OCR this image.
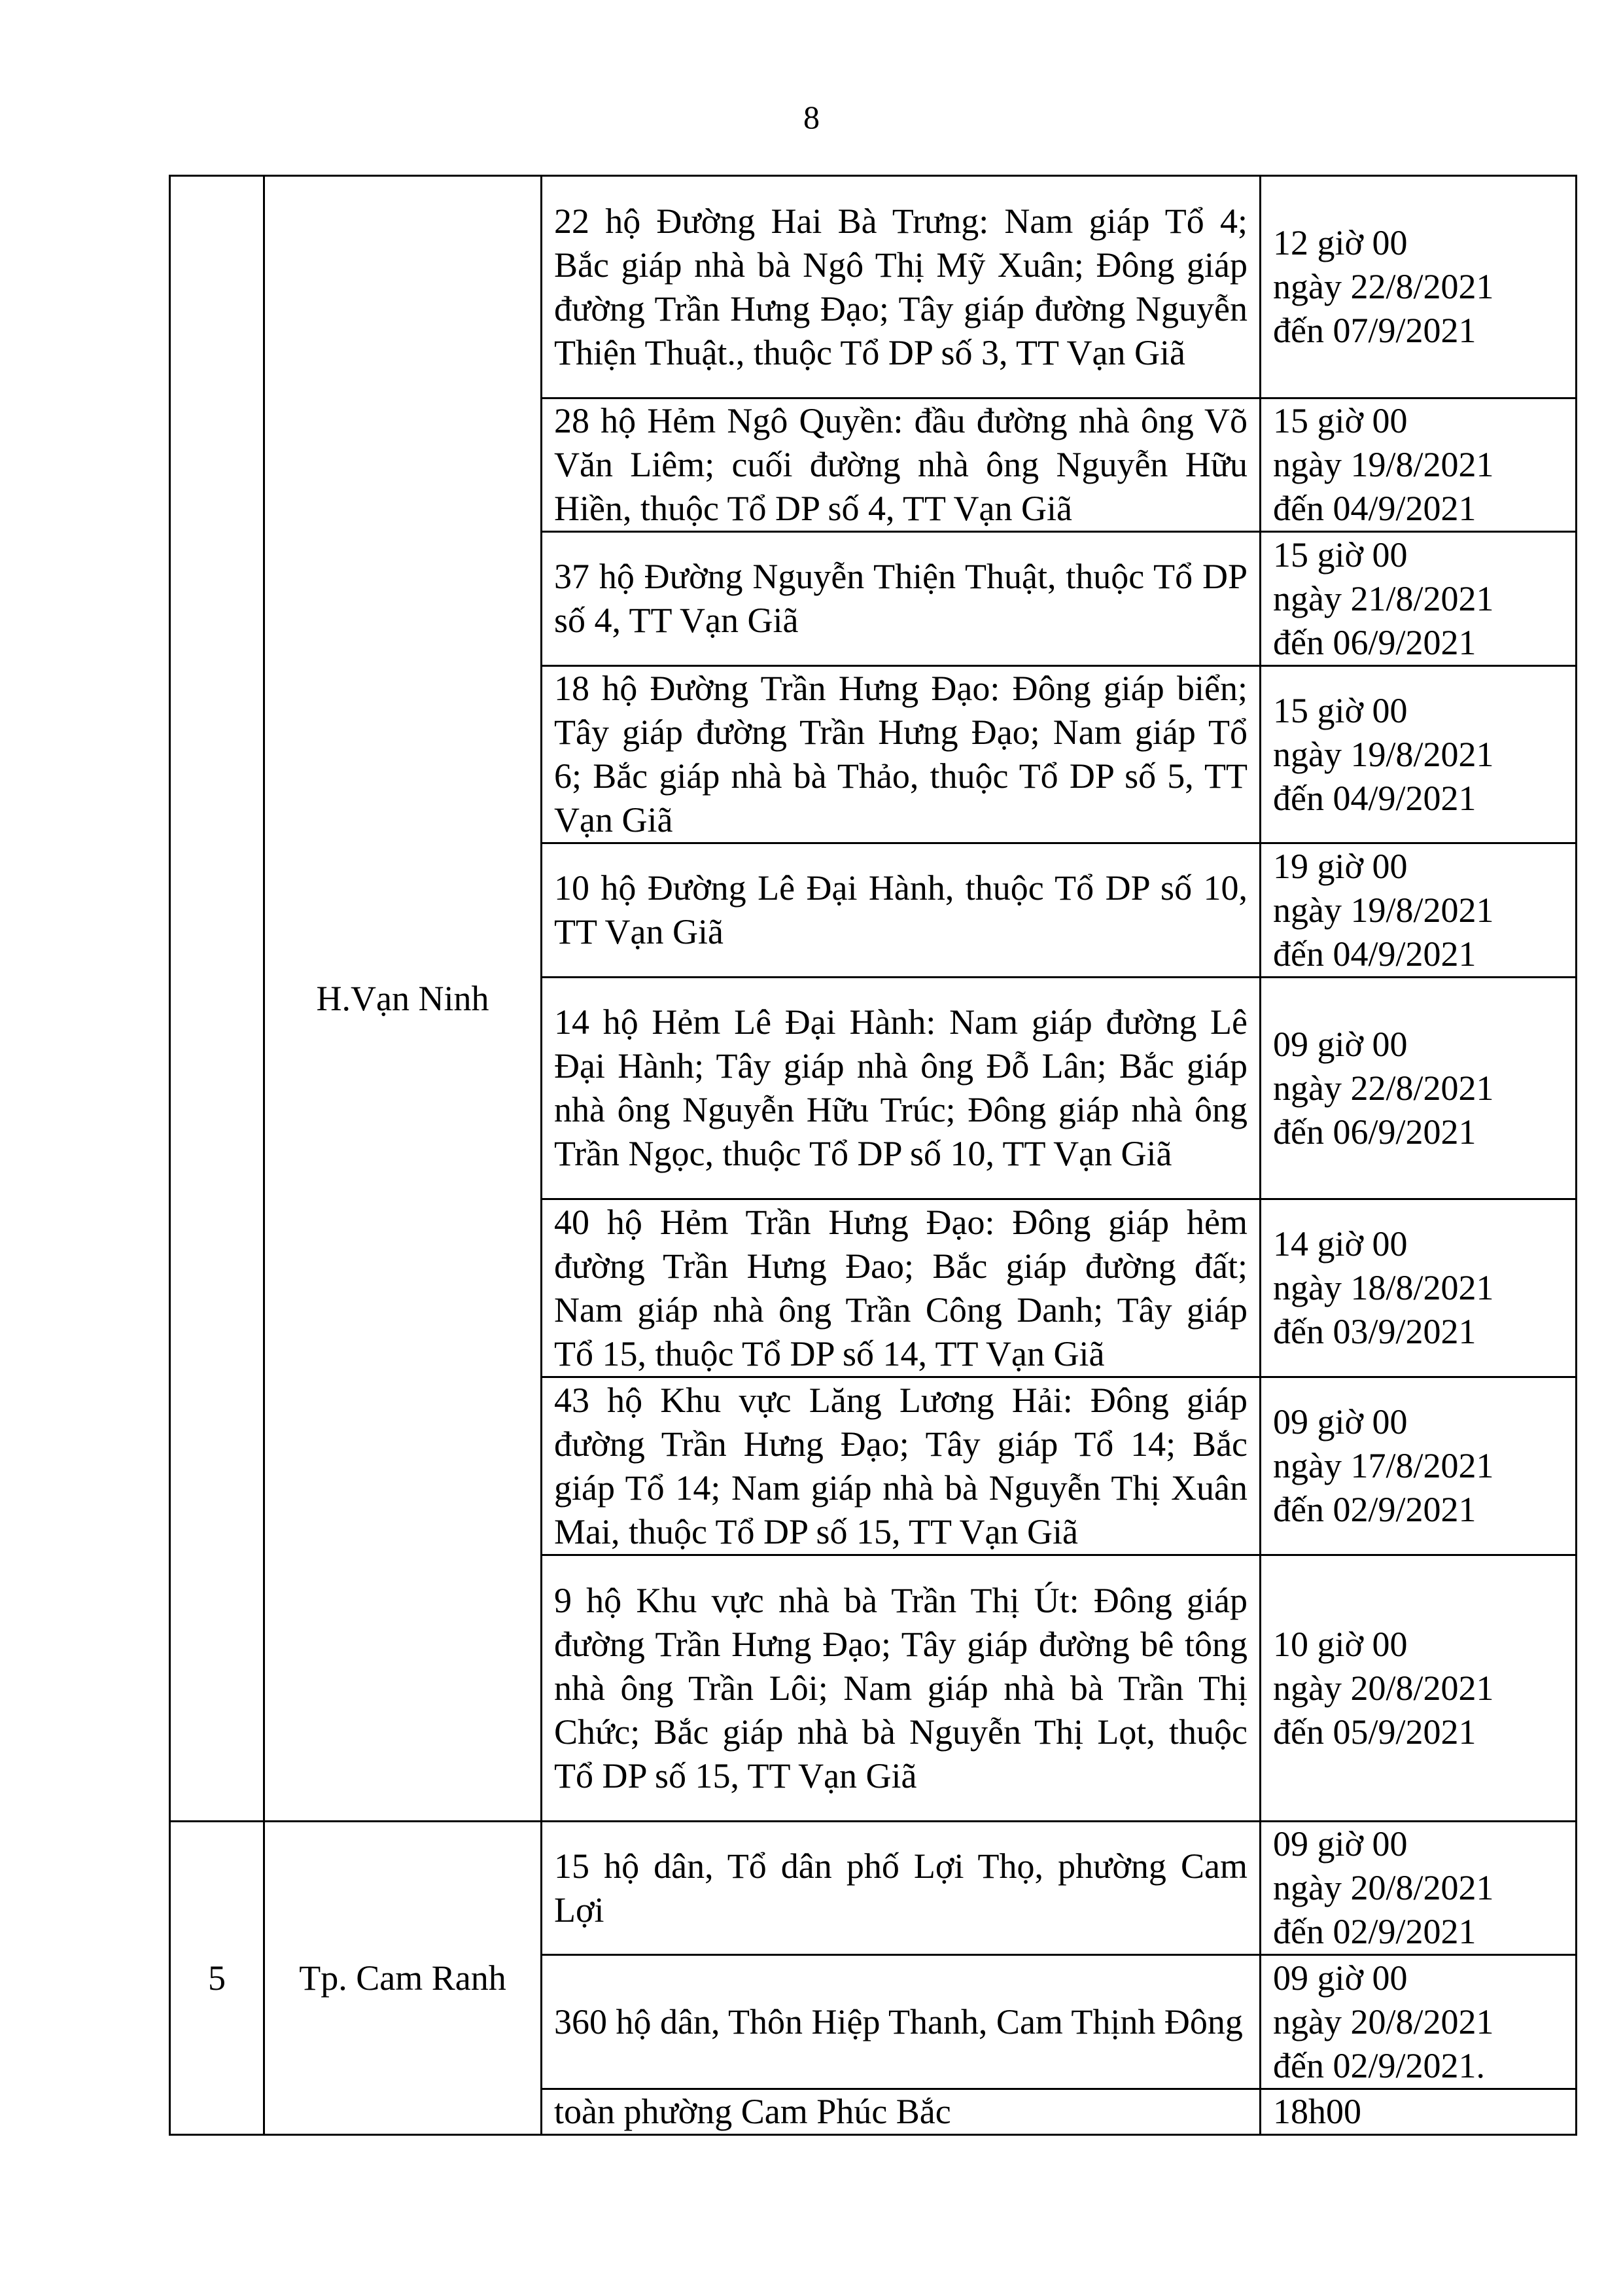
8
	H.Vạn Ninh	22 hộ Đường Hai Bà Trưng: Nam giáp Tổ 4; Bắc giáp nhà bà Ngô Thị Mỹ Xuân; Đông giáp đường Trần Hưng Đạo; Tây giáp đường Nguyễn Thiện Thuật., thuộc Tổ DP số 3, TT Vạn Giã	12 giờ 00
ngày 22/8/2021
đến 07/9/2021
		28 hộ Hẻm Ngô Quyền: đầu đường nhà ông Võ Văn Liêm; cuối đường nhà ông Nguyễn Hữu Hiền, thuộc Tổ DP số 4, TT Vạn Giã	15 giờ 00
ngày 19/8/2021
đến 04/9/2021
		37 hộ Đường Nguyễn Thiện Thuật, thuộc Tổ DP số 4, TT Vạn Giã	15 giờ 00
ngày 21/8/2021
đến 06/9/2021
		18 hộ Đường Trần Hưng Đạo: Đông giáp biển; Tây giáp đường Trần Hưng Đạo; Nam giáp Tổ 6; Bắc giáp nhà bà Thảo, thuộc Tổ DP số 5, TT Vạn Giã	15 giờ 00
ngày 19/8/2021
đến 04/9/2021
		10 hộ Đường Lê Đại Hành, thuộc Tổ DP số 10, TT Vạn Giã	19 giờ 00
ngày 19/8/2021
đến 04/9/2021
		14 hộ Hẻm Lê Đại Hành: Nam giáp đường Lê Đại Hành; Tây giáp nhà ông Đỗ Lân; Bắc giáp nhà ông Nguyễn Hữu Trúc; Đông giáp nhà ông Trần Ngọc, thuộc Tổ DP số 10, TT Vạn Giã	09 giờ 00
ngày 22/8/2021
đến 06/9/2021
		40 hộ Hẻm Trần Hưng Đạo: Đông giáp hẻm đường Trần Hưng Đao; Bắc giáp đường đất; Nam giáp nhà ông Trần Công Danh; Tây giáp Tổ 15, thuộc Tổ DP số 14, TT Vạn Giã	14 giờ 00
ngày 18/8/2021
đến 03/9/2021
		43 hộ Khu vực Lăng Lương Hải: Đông giáp đường Trần Hưng Đạo; Tây giáp Tổ 14; Bắc giáp Tổ 14; Nam giáp nhà bà Nguyễn Thị Xuân Mai, thuộc Tổ DP số 15, TT Vạn Giã	09 giờ 00
ngày 17/8/2021
đến 02/9/2021
		9 hộ Khu vực nhà bà Trần Thị Út: Đông giáp đường Trần Hưng Đạo; Tây giáp đường bê tông nhà ông Trần Lôi; Nam giáp nhà bà Trần Thị Chức; Bắc giáp nhà bà Nguyễn Thị Lọt, thuộc Tổ DP số 15, TT Vạn Giã	10 giờ 00
ngày 20/8/2021
đến 05/9/2021
5	Tp. Cam Ranh	15 hộ dân, Tổ dân phố Lợi Thọ, phường Cam Lợi	09 giờ 00
ngày 20/8/2021
đến 02/9/2021
		360 hộ dân, Thôn Hiệp Thanh, Cam Thịnh Đông	09 giờ 00
ngày 20/8/2021
đến 02/9/2021.
		toàn phường Cam Phúc Bắc	18h00
